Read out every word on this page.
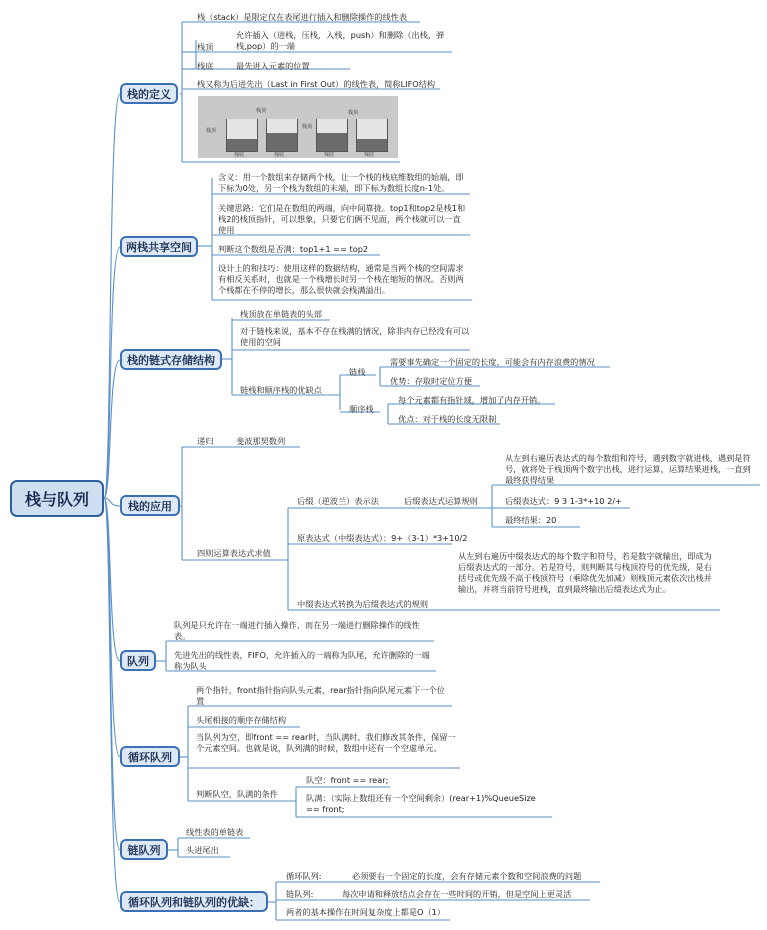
栈与队列
栈的定义
栈（stack）是限定仅在表尾进行插入和删除操作的线性表
栈顶
允许插入（进栈，压栈，入栈，push）和删除（出栈，弹栈,pop）的一端
栈底	最先进入元素的位置
栈又称为后进先出（Last in First Out）的线性表，简称LIFO结构
栈顶
栈底
栈顶
栈底
栈顶
栈底
栈顶
栈底
两栈共享空间
含义：用一个数组来存储两个栈，让一个栈的栈底维数组的始端，即下标为0处，另一个栈为数组的末端，即下标为数组长度n-1处。
关键思路：它们是在数组的两端，向中间靠拢。top1和top2是栈1和栈2的栈顶指针，可以想象，只要它们俩不见面，两个栈就可以一直使用
判断这个数组是否满：top1+1 == top2
设计上的和技巧：使用这样的数据结构，通常是当两个栈的空间需求有相反关系时，也就是一个栈增长时另一个栈在缩短的情况。否则两个栈都在不停的增长，那么很快就会栈满溢出。
栈的链式存储结构
栈顶放在单链表的头部
对于链栈来说，基本不存在栈满的情况，除非内存已经没有可以使用的空间
链栈和顺序栈的优缺点
链栈
顺序栈
需要事先确定一个固定的长度，可能会有内存浪费的情况
优势：存取时定位方便
每个元素都有指针域，增加了内存开销。
优点：对于栈的长度无限制
栈的应用
递归	斐波那契数列
四则运算表达式求值
后缀（逆波兰）表示法	后缀表达式运算规则
从左到右遍历表达式的每个数组和符号，遇到数字就进栈，遇到是符号，就将处于栈顶两个数字出栈，进行运算，运算结果进栈，一直到最终获得结果
后缀表达式：9 3 1-3*+10 2/+
最终结果：20
原表达式（中缀表达式）：9+（3-1）*3+10/2
中缀表达式转换为后缀表达式的规则
从左到右遍历中缀表达式的每个数字和符号，若是数字就输出，即成为后缀表达式的一部分。若是符号，则判断其与栈顶符号的优先级，是右括号或优先级不高于栈顶符号（乘除优先加减）则栈顶元素依次出栈并输出，并将当前符号进栈，直到最终输出后缀表达式为止。
队列
队列是只允许在一端进行插入操作，而在另一端进行删除操作的线性表。
先进先出的线性表，FIFO，允许插入的一端称为队尾，允许删除的一端称为队头
循环队列
两个指针，front指针指向队头元素，rear指针指向队尾元素下一个位置
头尾相接的顺序存储结构
当队列为空，即front == rear时，当队满时，我们修改其条件，保留一个元素空间。也就是说，队列满的时候，数组中还有一个空虚单元。
判断队空，队满的条件
队空：front == rear;
队满：（实际上数组还有一个空间剩余）(rear+1)%QueueSize == front;
链队列
线性表的单链表
头进尾出
循环队列和链队列的优缺：
循环队列:	必须要右一个固定的长度，会有存储元素个数和空间浪费的问题
链队列:	每次申请和释放结点会存在一些时间的开销，但是空间上更灵活
两者的基本操作在时间复杂度上都是O（1）
